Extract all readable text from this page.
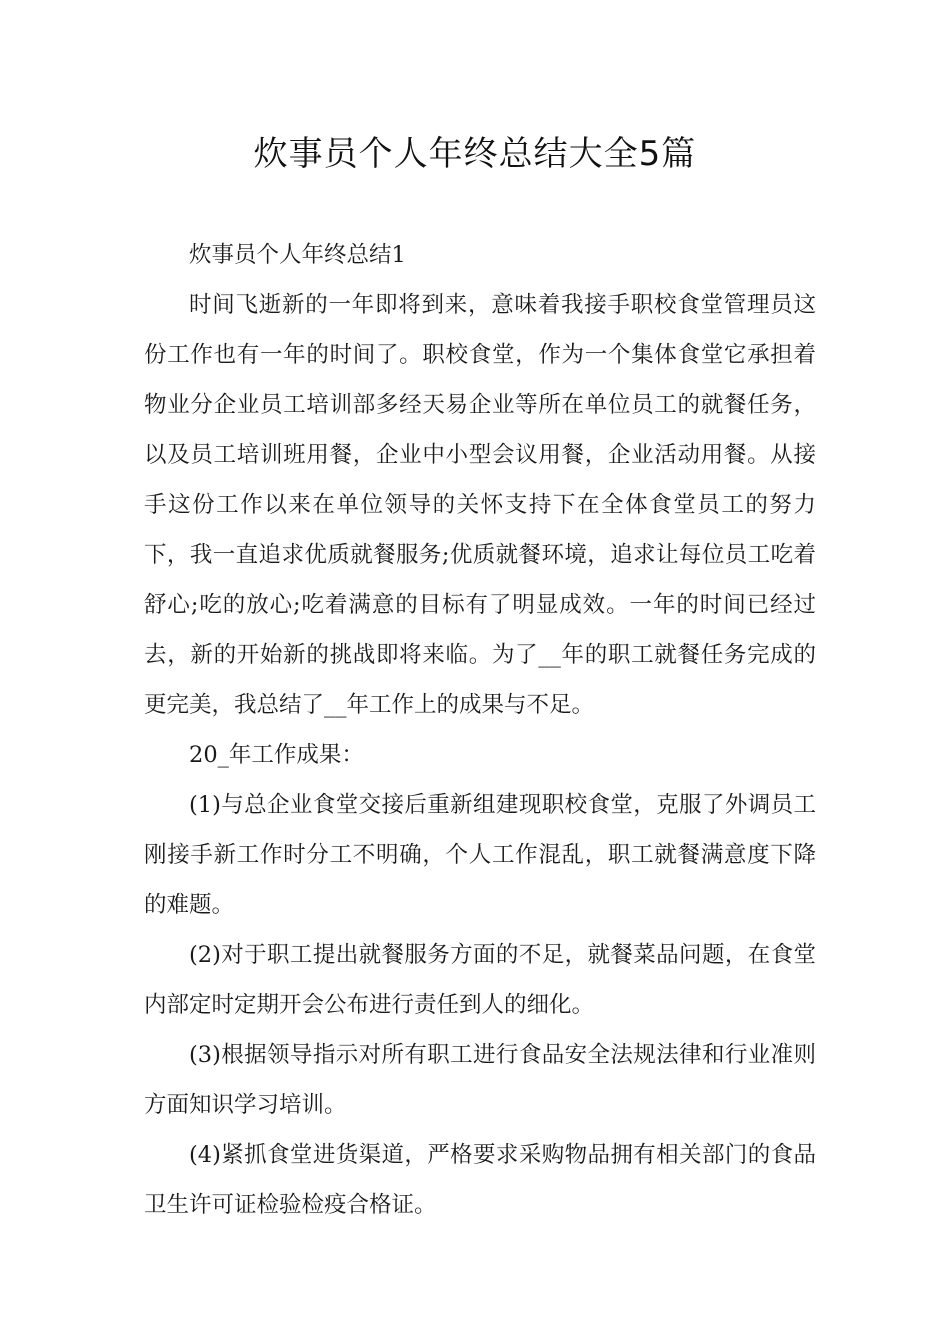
炊事员个人年终总结大全5篇

炊事员个人年终总结1

时间飞逝新的一年即将到来，意味着我接手职校食堂管理员这份工作也有一年的时间了。职校食堂，作为一个集体食堂它承担着物业分企业员工培训部多经天易企业等所在单位员工的就餐任务，以及员工培训班用餐，企业中小型会议用餐，企业活动用餐。从接手这份工作以来在单位领导的关怀支持下在全体食堂员工的努力下，我一直追求优质就餐服务;优质就餐环境，追求让每位员工吃着舒心;吃的放心;吃着满意的目标有了明显成效。一年的时间已经过去，新的开始新的挑战即将来临。为了__年的职工就餐任务完成的更完美，我总结了__年工作上的成果与不足。

20_年工作成果：

(1)与总企业食堂交接后重新组建现职校食堂，克服了外调员工刚接手新工作时分工不明确，个人工作混乱，职工就餐满意度下降的难题。

(2)对于职工提出就餐服务方面的不足，就餐菜品问题，在食堂内部定时定期开会公布进行责任到人的细化。

(3)根据领导指示对所有职工进行食品安全法规法律和行业准则方面知识学习培训。

(4)紧抓食堂进货渠道，严格要求采购物品拥有相关部门的食品卫生许可证检验检疫合格证。
